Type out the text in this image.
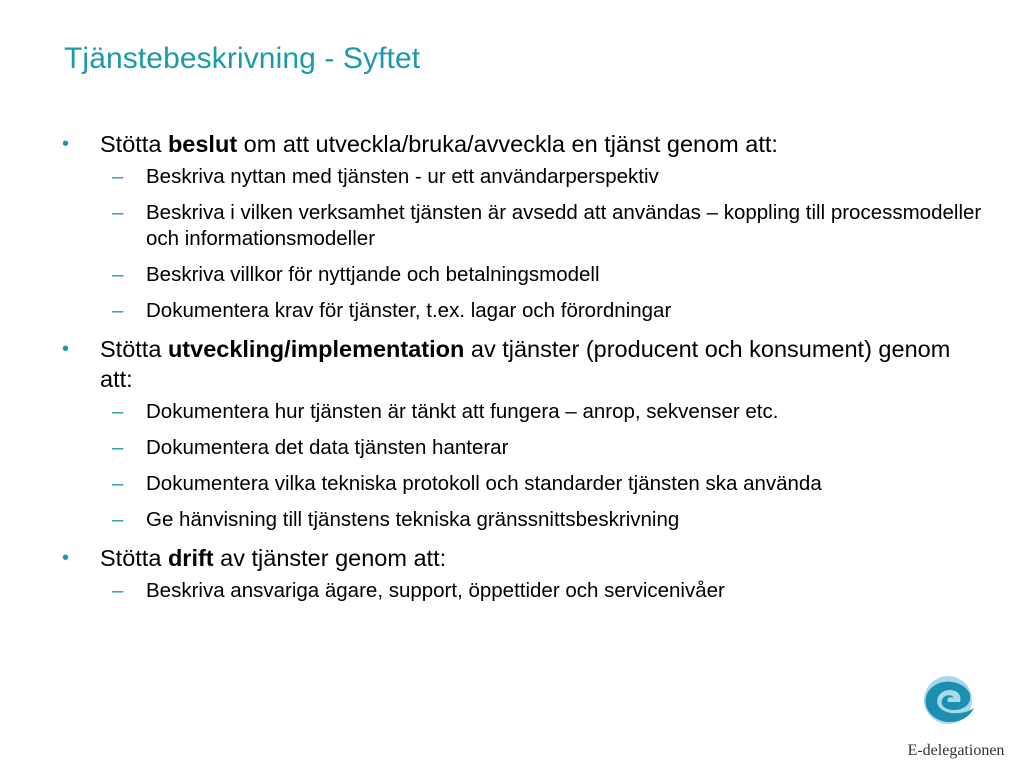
Tjänstebeskrivning - Syftet
• Stötta beslut om att utveckla/bruka/avveckla en tjänst genom att:
– Beskriva nyttan med tjänsten - ur ett användarperspektiv
– Beskriva i vilken verksamhet tjänsten är avsedd att användas – koppling till processmodeller och informationsmodeller
– Beskriva villkor för nyttjande och betalningsmodell
– Dokumentera krav för tjänster, t.ex. lagar och förordningar
• Stötta utveckling/implementation av tjänster (producent och konsument) genom att:
– Dokumentera hur tjänsten är tänkt att fungera – anrop, sekvenser etc.
– Dokumentera det data tjänsten hanterar
– Dokumentera vilka tekniska protokoll och standarder tjänsten ska använda
– Ge hänvisning till tjänstens tekniska gränssnittsbeskrivning
• Stötta drift av tjänster genom att:
– Beskriva ansvariga ägare, support, öppettider och servicenivåer
E-delegationen
